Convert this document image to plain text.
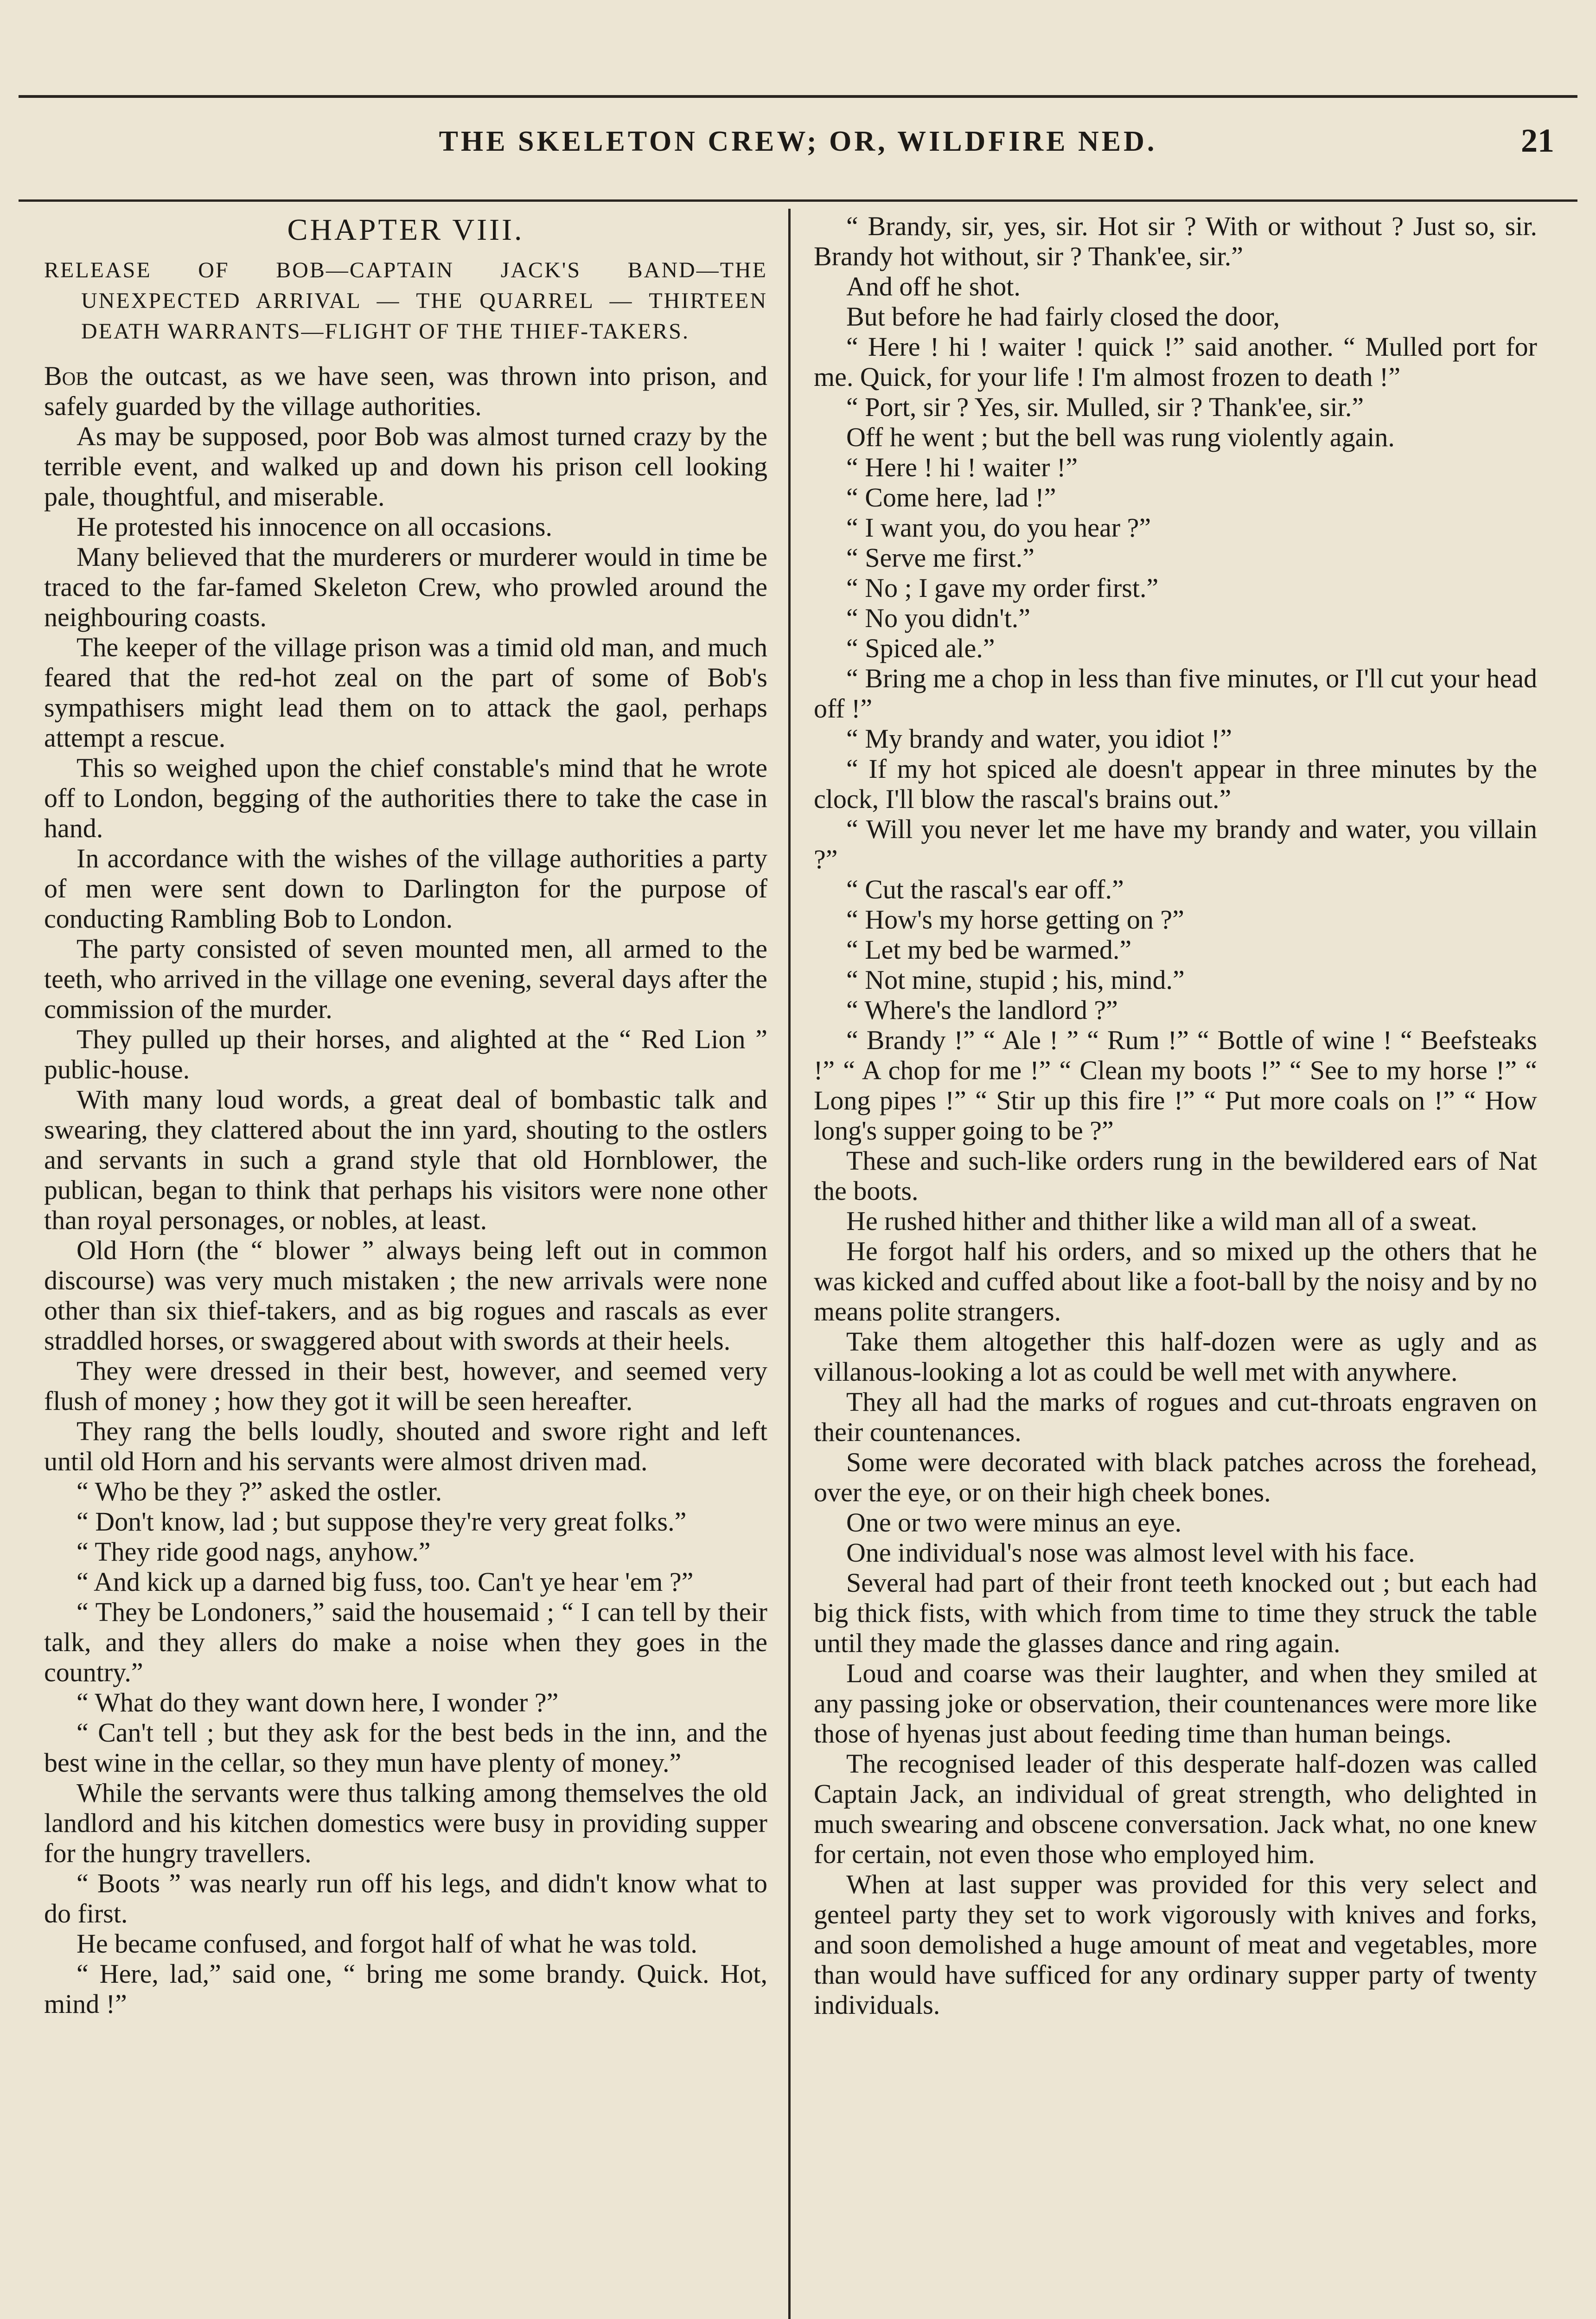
THE SKELETON CREW; OR, WILDFIRE NED.	21
CHAPTER VIII.
RELEASE OF BOB—CAPTAIN JACK'S BAND—THE UNEXPECTED ARRIVAL — THE QUARREL — THIRTEEN DEATH WARRANTS—FLIGHT OF THE THIEF-TAKERS.

Bob the outcast, as we have seen, was thrown into prison, and safely guarded by the village authorities.

As may be supposed, poor Bob was almost turned crazy by the terrible event, and walked up and down his prison cell looking pale, thoughtful, and miserable.

He protested his innocence on all occasions.

Many believed that the murderers or murderer would in time be traced to the far-famed Skeleton Crew, who prowled around the neighbouring coasts.

The keeper of the village prison was a timid old man, and much feared that the red-hot zeal on the part of some of Bob's sympathisers might lead them on to attack the gaol, perhaps attempt a rescue.

This so weighed upon the chief constable's mind that he wrote off to London, begging of the authorities there to take the case in hand.

In accordance with the wishes of the village authorities a party of men were sent down to Darlington for the purpose of conducting Rambling Bob to London.

The party consisted of seven mounted men, all armed to the teeth, who arrived in the village one evening, several days after the commission of the murder.

They pulled up their horses, and alighted at the “ Red Lion ” public-house.

With many loud words, a great deal of bombastic talk and swearing, they clattered about the inn yard, shouting to the ostlers and servants in such a grand style that old Hornblower, the publican, began to think that perhaps his visitors were none other than royal personages, or nobles, at least.

Old Horn (the “ blower ” always being left out in common discourse) was very much mistaken ; the new arrivals were none other than six thief-takers, and as big rogues and rascals as ever straddled horses, or swaggered about with swords at their heels.

They were dressed in their best, however, and seemed very flush of money ; how they got it will be seen hereafter.

They rang the bells loudly, shouted and swore right and left until old Horn and his servants were almost driven mad.

“ Who be they ?” asked the ostler.

“ Don't know, lad ; but suppose they're very great folks.”

“ They ride good nags, anyhow.”

“ And kick up a darned big fuss, too. Can't ye hear 'em ?”

“ They be Londoners,” said the housemaid ; “ I can tell by their talk, and they allers do make a noise when they goes in the country.”

“ What do they want down here, I wonder ?”

“ Can't tell ; but they ask for the best beds in the inn, and the best wine in the cellar, so they mun have plenty of money.”

While the servants were thus talking among themselves the old landlord and his kitchen domestics were busy in providing supper for the hungry travellers.

“ Boots ” was nearly run off his legs, and didn't know what to do first.

He became confused, and forgot half of what he was told.

“ Here, lad,” said one, “ bring me some brandy. Quick. Hot, mind !”

“ Brandy, sir, yes, sir. Hot sir ? With or without ? Just so, sir. Brandy hot without, sir ? Thank'ee, sir.”

And off he shot.

But before he had fairly closed the door,

“ Here ! hi ! waiter ! quick !” said another. “ Mulled port for me. Quick, for your life ! I'm almost frozen to death !”

“ Port, sir ? Yes, sir. Mulled, sir ? Thank'ee, sir.”

Off he went ; but the bell was rung violently again.

“ Here ! hi ! waiter !”

“ Come here, lad !”

“ I want you, do you hear ?”

“ Serve me first.”

“ No ; I gave my order first.”

“ No you didn't.”

“ Spiced ale.”

“ Bring me a chop in less than five minutes, or I'll cut your head off !”

“ My brandy and water, you idiot !”

“ If my hot spiced ale doesn't appear in three minutes by the clock, I'll blow the rascal's brains out.”

“ Will you never let me have my brandy and water, you villain ?”

“ Cut the rascal's ear off.”

“ How's my horse getting on ?”

“ Let my bed be warmed.”

“ Not mine, stupid ; his, mind.”

“ Where's the landlord ?”

“ Brandy !” “ Ale ! ” “ Rum !” “ Bottle of wine ! “ Beefsteaks !” “ A chop for me !” “ Clean my boots !” “ See to my horse !” “ Long pipes !” “ Stir up this fire !” “ Put more coals on !” “ How long's supper going to be ?”

These and such-like orders rung in the bewildered ears of Nat the boots.

He rushed hither and thither like a wild man all of a sweat.

He forgot half his orders, and so mixed up the others that he was kicked and cuffed about like a foot-ball by the noisy and by no means polite strangers.

Take them altogether this half-dozen were as ugly and as villanous-looking a lot as could be well met with anywhere.

They all had the marks of rogues and cut-throats engraven on their countenances.

Some were decorated with black patches across the forehead, over the eye, or on their high cheek bones.

One or two were minus an eye.

One individual's nose was almost level with his face.

Several had part of their front teeth knocked out ; but each had big thick fists, with which from time to time they struck the table until they made the glasses dance and ring again.

Loud and coarse was their laughter, and when they smiled at any passing joke or observation, their countenances were more like those of hyenas just about feeding time than human beings.

The recognised leader of this desperate half-dozen was called Captain Jack, an individual of great strength, who delighted in much swearing and obscene conversation. Jack what, no one knew for certain, not even those who employed him.

When at last supper was provided for this very select and genteel party they set to work vigorously with knives and forks, and soon demolished a huge amount of meat and vegetables, more than would have sufficed for any ordinary supper party of twenty individuals.
